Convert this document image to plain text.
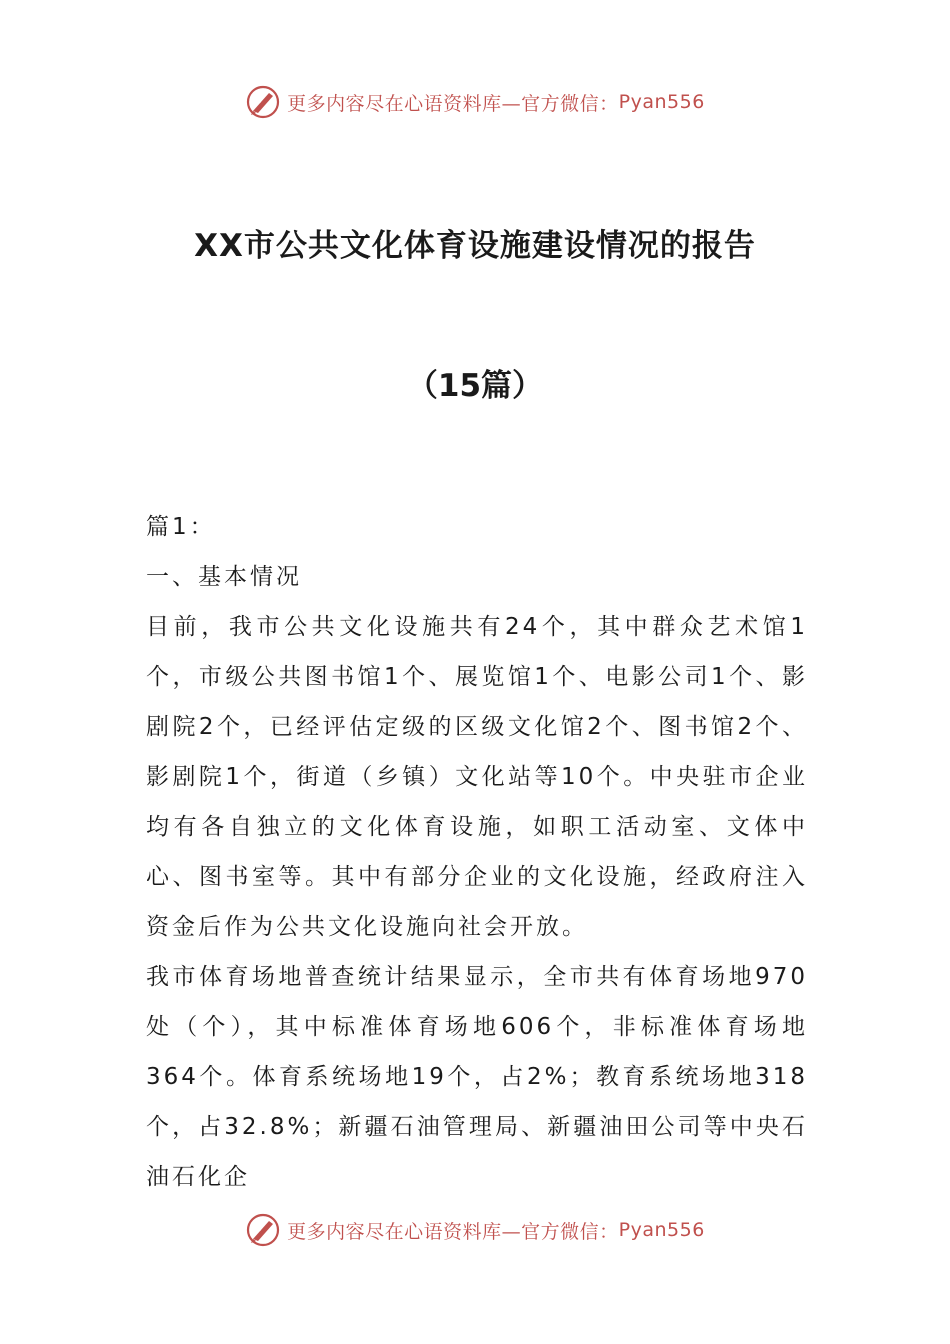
更多内容尽在心语资料库—官方微信： Pyan556
XX市公共文化体育设施建设情况的报告
（15篇）

篇1：

一、基本情况

目前，我市公共文化设施共有24个，其中群众艺术馆1个，市级公共图书馆1个、展览馆1个、电影公司1个、影剧院2个，已经评估定级的区级文化馆2个、图书馆2个、影剧院1个，街道（乡镇）文化站等10个。中央驻市企业均有各自独立的文化体育设施，如职工活动室、文体中心、图书室等。其中有部分企业的文化设施，经政府注入资金后作为公共文化设施向社会开放。

我市体育场地普查统计结果显示，全市共有体育场地970处（个），其中标准体育场地606个，非标准体育场地364个。体育系统场地19个，占2%；教育系统场地318个，占32.8%；新疆石油管理局、新疆油田公司等中央石油石化企

更多内容尽在心语资料库—官方微信： Pyan556
